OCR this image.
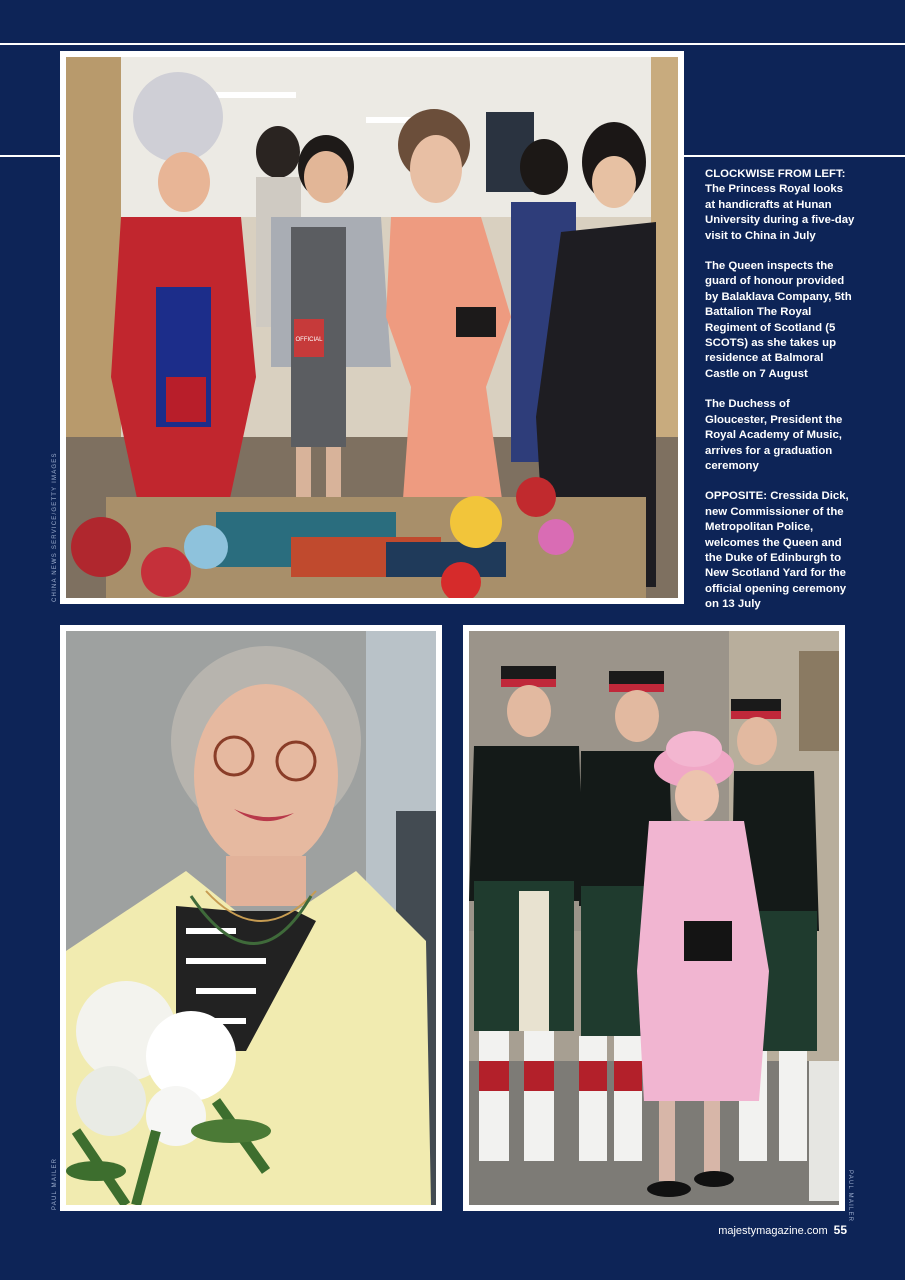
OFFICIAL

CLOCKWISE FROM LEFT:
The Princess Royal looks at handicrafts at Hunan University during a five-day visit to China in July

The Queen inspects the guard of honour provided by Balaklava Company, 5th Battalion The Royal Regiment of Scotland (5 SCOTS) as she takes up residence at Balmoral Castle on 7 August

The Duchess of Gloucester, President the Royal Academy of Music, arrives for a graduation ceremony

OPPOSITE: Cressida Dick, new Commissioner of the Metropolitan Police, welcomes the Queen and the Duke of Edinburgh to New Scotland Yard for the official opening ceremony on 13 July

CHINA NEWS SERVICE/GETTY IMAGES
PAUL MAILER	PAUL MAILER
majestymagazine.com 55
